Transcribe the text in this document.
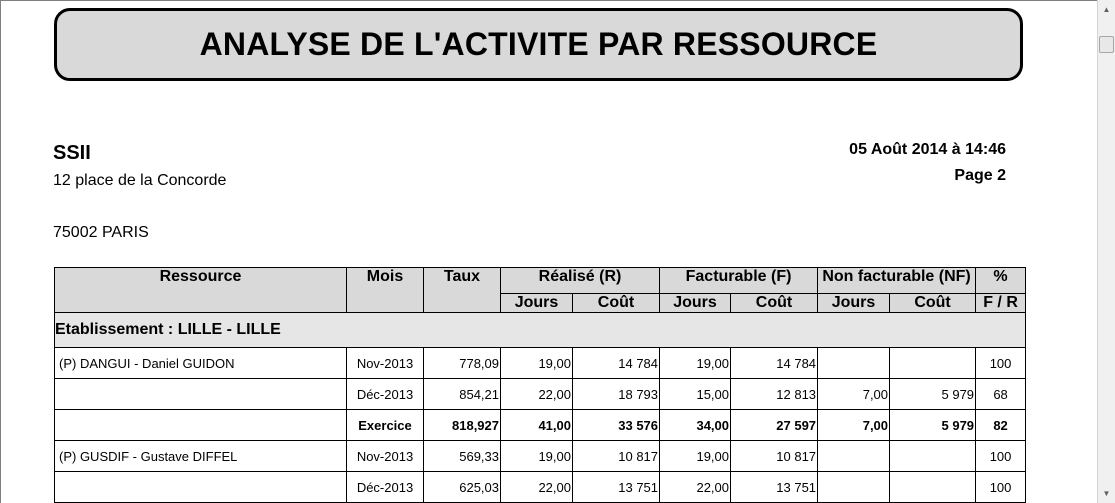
ANALYSE DE L'ACTIVITE PAR RESSOURCE
SSII
12 place de la Concorde
75002 PARIS
05 Août 2014 à 14:46
Page 2
Ressource	Mois	Taux	Réalisé (R)		Facturable (F)		Non facturable (NF)		%
			Jours	Coût	Jours	Coût	Jours	Coût	F / R
Etablissement : LILLE - LILLE									
(P) DANGUI - Daniel GUIDON	Nov-2013	778,09	19,00	14 784	19,00	14 784			100
	Déc-2013	854,21	22,00	18 793	15,00	12 813	7,00	5 979	68
	Exercice	818,927	41,00	33 576	34,00	27 597	7,00	5 979	82
(P) GUSDIF - Gustave DIFFEL	Nov-2013	569,33	19,00	10 817	19,00	10 817			100
	Déc-2013	625,03	22,00	13 751	22,00	13 751			100
▲
▼
